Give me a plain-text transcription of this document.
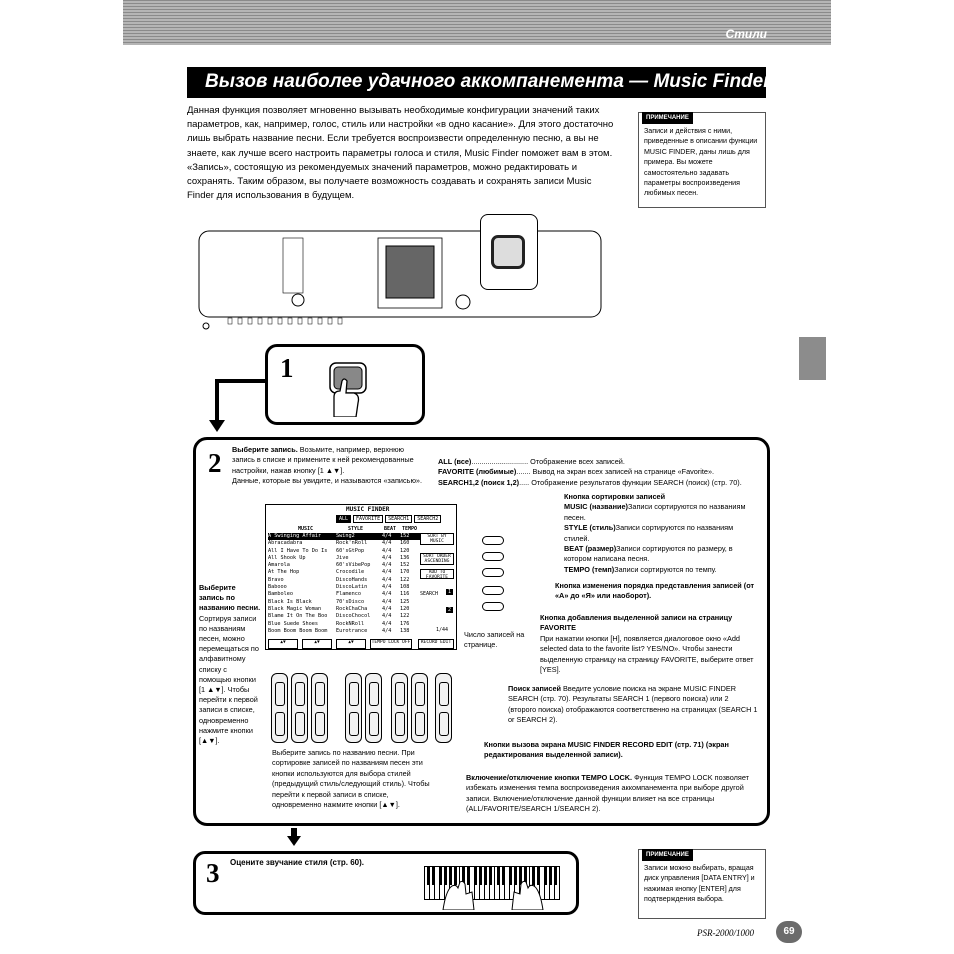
Стили
Вызов наиболее удачного аккомпанемента — Music Finder

Данная функция позволяет мгновенно вызывать необходимые конфигурации значений таких параметров, как, например, голос, стиль или настройки «в одно касание». Для этого достаточно лишь выбрать название песни. Если требуется воспроизвести определенную песню, а вы не знаете, как лучше всего настроить параметры голоса и стиля, Music Finder поможет вам в этом. «Запись», состоящую из рекомендуемых значений параметров, можно редактировать и сохранять. Таким образом, вы получаете возможность создавать и сохранять записи Music Finder для использования в будущем.

ПРИМЕЧАНИЕ
Записи и действия с ними, приведенные в описании функции MUSIC FINDER, даны лишь для примера. Вы можете самостоятельно задавать параметры воспроизведения любимых песен.
1
2 Выберите запись. Возьмите, например, верхнюю запись в списке и примените к ней рекомендованные настройки, нажав кнопку [1 ▲▼].
Данные, которые вы увидите, и называются «записью».
ALL (все)............................ Отображение всех записей.
FAVORITE (любимые)....... Вывод на экран всех записей на странице «Favorite».
SEARCH1,2 (поиск 1,2)..... Отображение результатов функции SEARCH (поиск) (стр. 70).
Кнопка сортировки записей
MUSIC (название)Записи сортируются по названиям песен.
STYLE (стиль)Записи сортируются по названиям стилей.
BEAT (размер)Записи сортируются по размеру, в котором написана песня.
TEMPO (темп)Записи сортируются по темпу.
Кнопка изменения порядка представления записей (от «А» до «Я» или наоборот).
Выберите запись по названию песни.
Сортируя записи по названиям песен, можно перемещаться по алфавитному списку с помощью кнопки [1 ▲▼]. Чтобы перейти к первой записи в списке, одновременно нажмите кнопки [▲▼].
Число записей на странице.
Кнопка добавления выделенной записи на страницу FAVORITE
При нажатии кнопки [H], появляется диалоговое окно «Add selected data to the favorite list? YES/NO». Чтобы занести выделенную страницу на страницу FAVORITE, выберите ответ [YES].
Поиск записей Введите условие поиска на экране MUSIC FINDER SEARCH (стр. 70). Результаты SEARCH 1 (первого поиска) или 2 (второго поиска) отображаются соответственно на страницах (SEARCH 1 or SEARCH 2).
Кнопки вызова экрана MUSIC FINDER RECORD EDIT (стр. 71) (экран редактирования выделенной записи).
Выберите запись по названию песни. При сортировке записей по названиям песен эти кнопки используются для выбора стилей (предыдущий стиль/следующий стиль). Чтобы перейти к первой записи в списке, одновременно нажмите кнопки [▲▼].
Включение/отключение кнопки TEMPO LOCK. Функция TEMPO LOCK позволяет избежать изменения темпа воспроизведения аккомпанемента при выборе другой записи. Включение/отключение данной функции влияет на все страницы (ALL/FAVORITE/SEARCH 1/SEARCH 2).
MUSIC FINDER
ALL	FAVORITE	SEARCH1	SEARCH2
MUSIC	STYLE	BEAT TEMPO
A Swinging Affair	Swing2	4/4	152
Abracadabra	Rock'nRoll	4/4	160
All I Have To Do Is	60'sGtPop	4/4	120
All Shook Up	Jive	4/4	136
Amarola	60'sVibePop	4/4	152
At The Hop	Crocodile	4/4	170
Bravo	DiscoHands	4/4	122
Babooo	DiscoLatin	4/4	108
Bamboleo	Flamenco	4/4	116
Black Is Black	70'sDisco	4/4	125
Black Magic Woman	RockChaCha	4/4	120
Blame It On The Boo	DiscoChocol	4/4	122
Blue Suede Shoes	RockNRoll	4/4	176
Boom Boom Boom Boom	Eurotrance	4/4	138
SORT BY MUSIC
SORT ORDER ASCENDING
ADD TO FAVORITE
SEARCH	1
2
1/44
▲▼	▲▼	▲▼	TEMPO LOCK OFF	RECORD EDIT
3 Оцените звучание стиля (стр. 60).
ПРИМЕЧАНИЕ
Записи можно выбирать, вращая диск управления [DATA ENTRY] и нажимая кнопку [ENTER] для подтверждения выбора.
PSR-2000/1000	69
